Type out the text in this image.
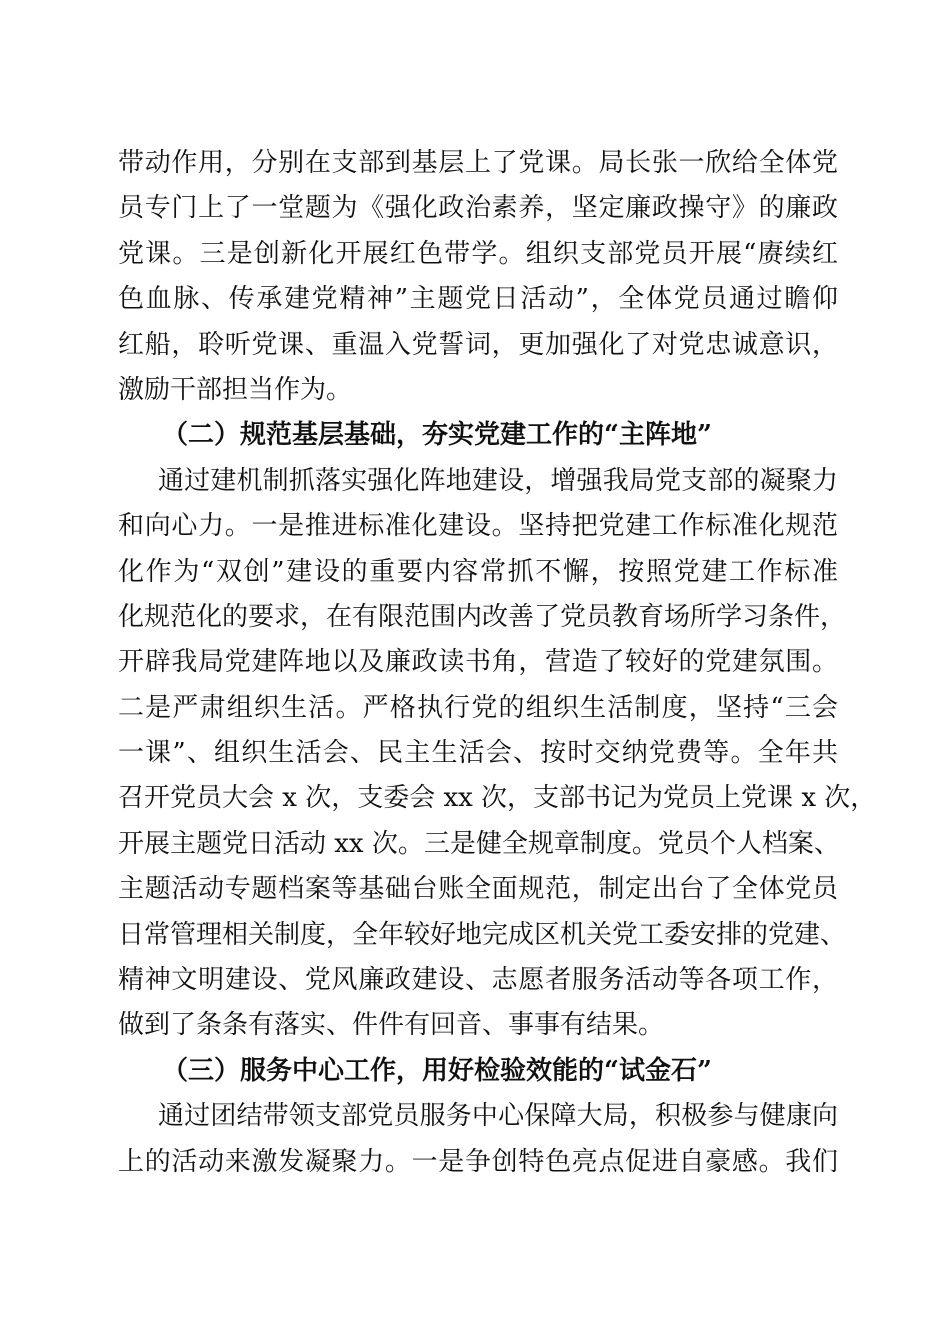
带动作用，分别在支部到基层上了党课。局长张一欣给全体党
员专门上了一堂题为《强化政治素养，坚定廉政操守》的廉政
党课。三是创新化开展红色带学。组织支部党员开展“赓续红
色血脉、传承建党精神”主题党日活动”，全体党员通过瞻仰
红船，聆听党课、重温入党誓词，更加强化了对党忠诚意识，
激励干部担当作为。
（二）规范基层基础，夯实党建工作的“主阵地”
通过建机制抓落实强化阵地建设，增强我局党支部的凝聚力
和向心力。一是推进标准化建设。坚持把党建工作标准化规范
化作为“双创”建设的重要内容常抓不懈，按照党建工作标准
化规范化的要求，在有限范围内改善了党员教育场所学习条件，
开辟我局党建阵地以及廉政读书角，营造了较好的党建氛围。
二是严肃组织生活。严格执行党的组织生活制度，坚持“三会
一课”、组织生活会、民主生活会、按时交纳党费等。全年共
召开党员大会 x 次，支委会 xx 次，支部书记为党员上党课 x 次，
开展主题党日活动 xx 次。三是健全规章制度。党员个人档案、
主题活动专题档案等基础台账全面规范，制定出台了全体党员
日常管理相关制度，全年较好地完成区机关党工委安排的党建、
精神文明建设、党风廉政建设、志愿者服务活动等各项工作，
做到了条条有落实、件件有回音、事事有结果。
（三）服务中心工作，用好检验效能的“试金石”
通过团结带领支部党员服务中心保障大局，积极参与健康向
上的活动来激发凝聚力。一是争创特色亮点促进自豪感。我们
